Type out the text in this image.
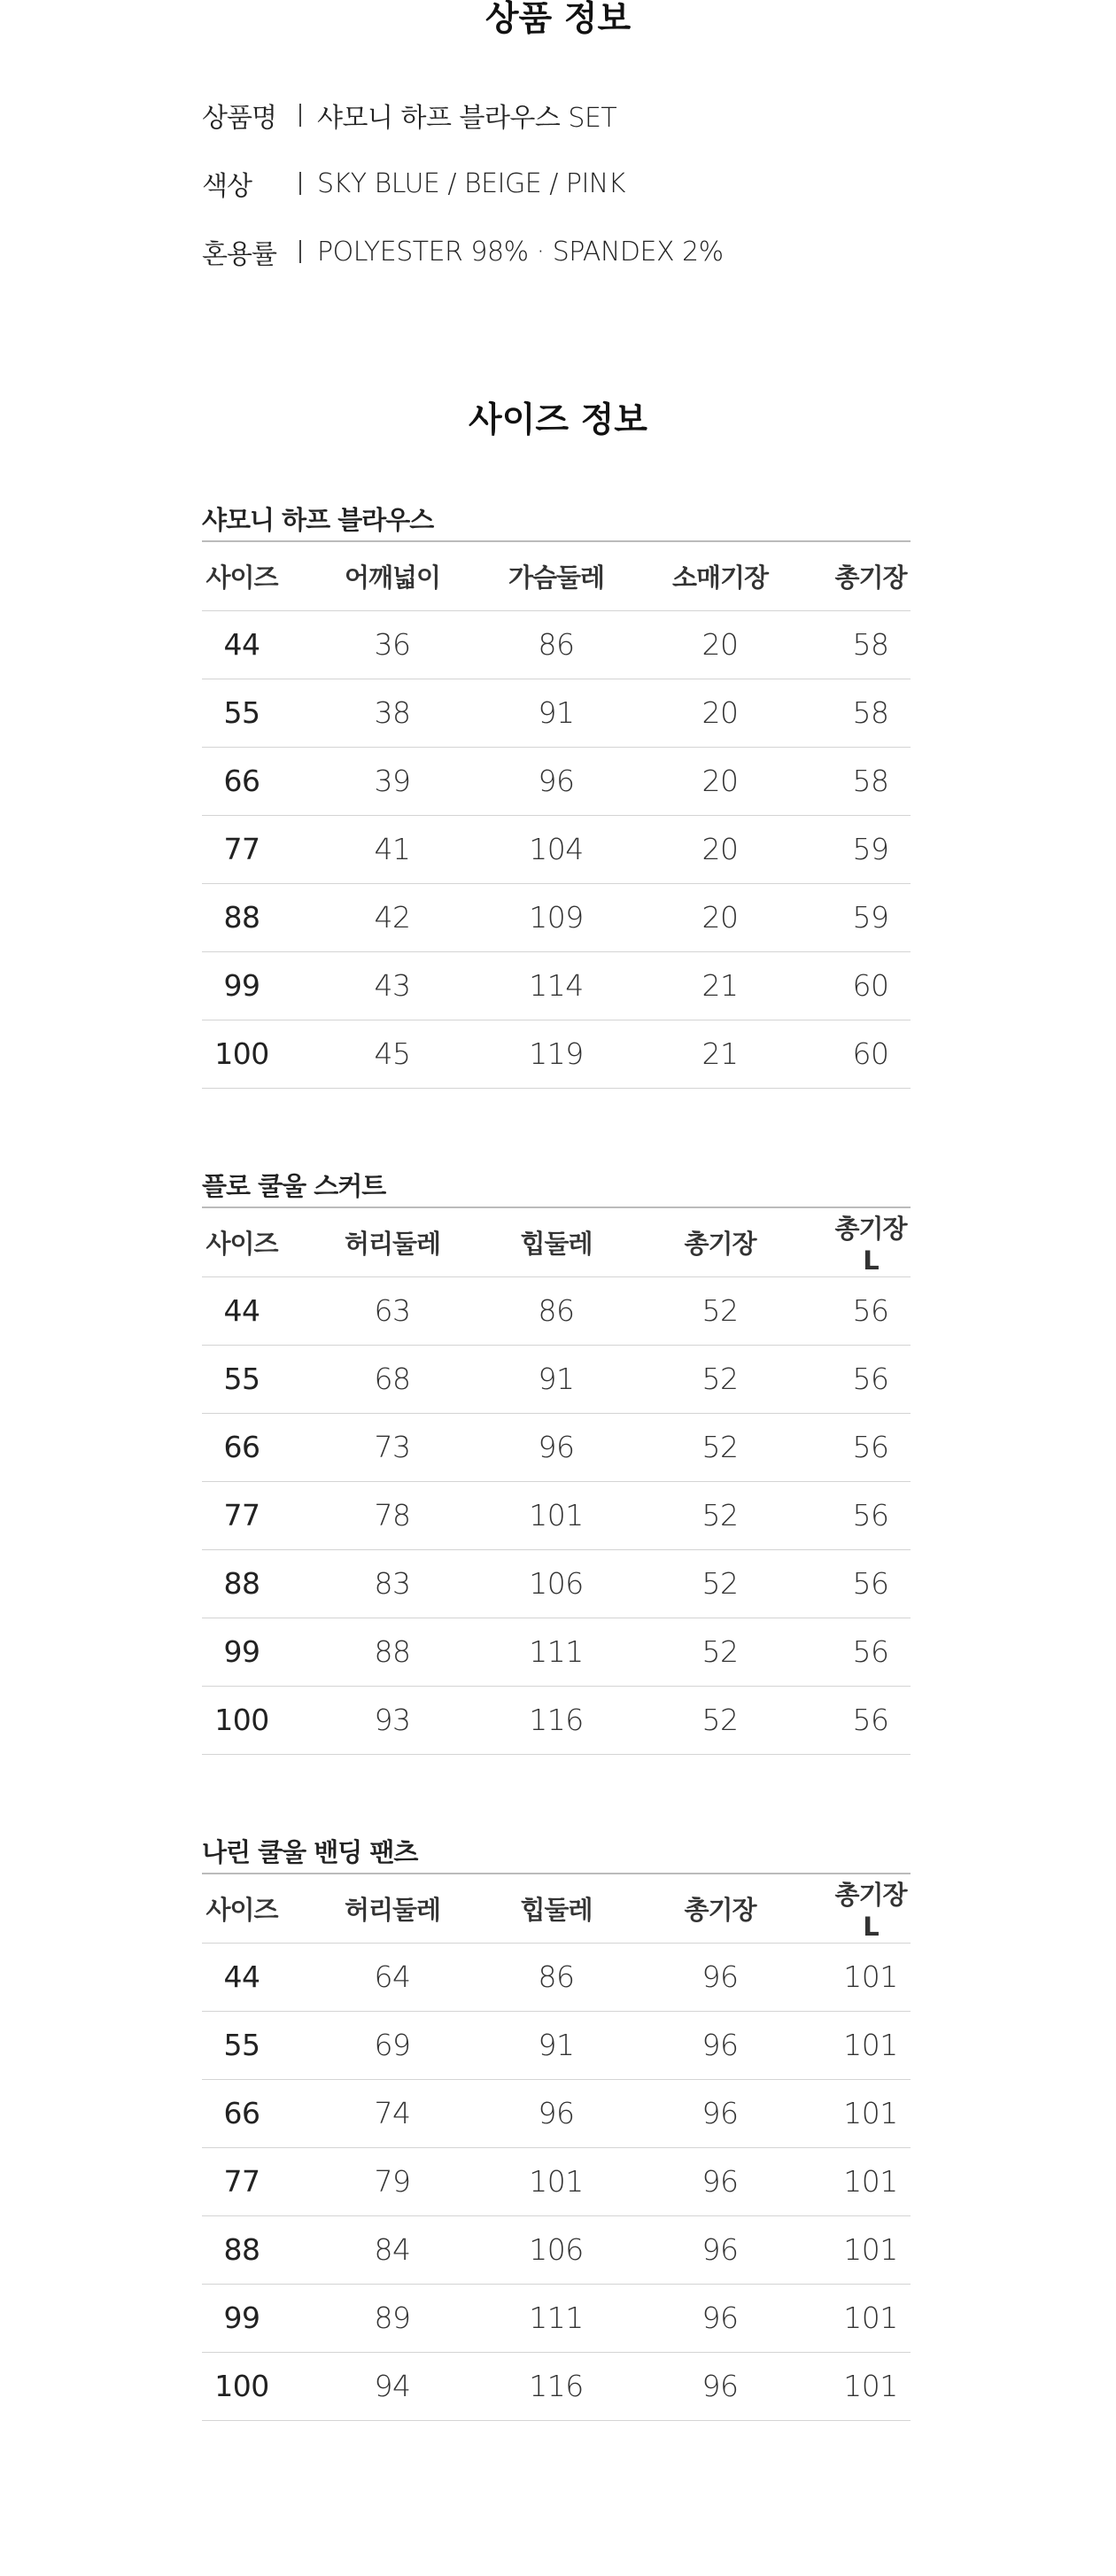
상품 정보
상품명	샤모니 하프 블라우스 SET
색상	SKY BLUE / BEIGE / PINK
혼용률	POLYESTER 98% · SPANDEX 2%
사이즈 정보
샤모니 하프 블라우스
사이즈	어깨넓이	가슴둘레	소매기장	총기장
44	36	86	20	58
55	38	91	20	58
66	39	96	20	58
77	41	104	20	59
88	42	109	20	59
99	43	114	21	60
100	45	119	21	60
플로 쿨울 스커트
사이즈	허리둘레	힙둘레	총기장	총기장L
44	63	86	52	56
55	68	91	52	56
66	73	96	52	56
77	78	101	52	56
88	83	106	52	56
99	88	111	52	56
100	93	116	52	56
나린 쿨울 밴딩 팬츠
사이즈	허리둘레	힙둘레	총기장	총기장L
44	64	86	96	101
55	69	91	96	101
66	74	96	96	101
77	79	101	96	101
88	84	106	96	101
99	89	111	96	101
100	94	116	96	101
